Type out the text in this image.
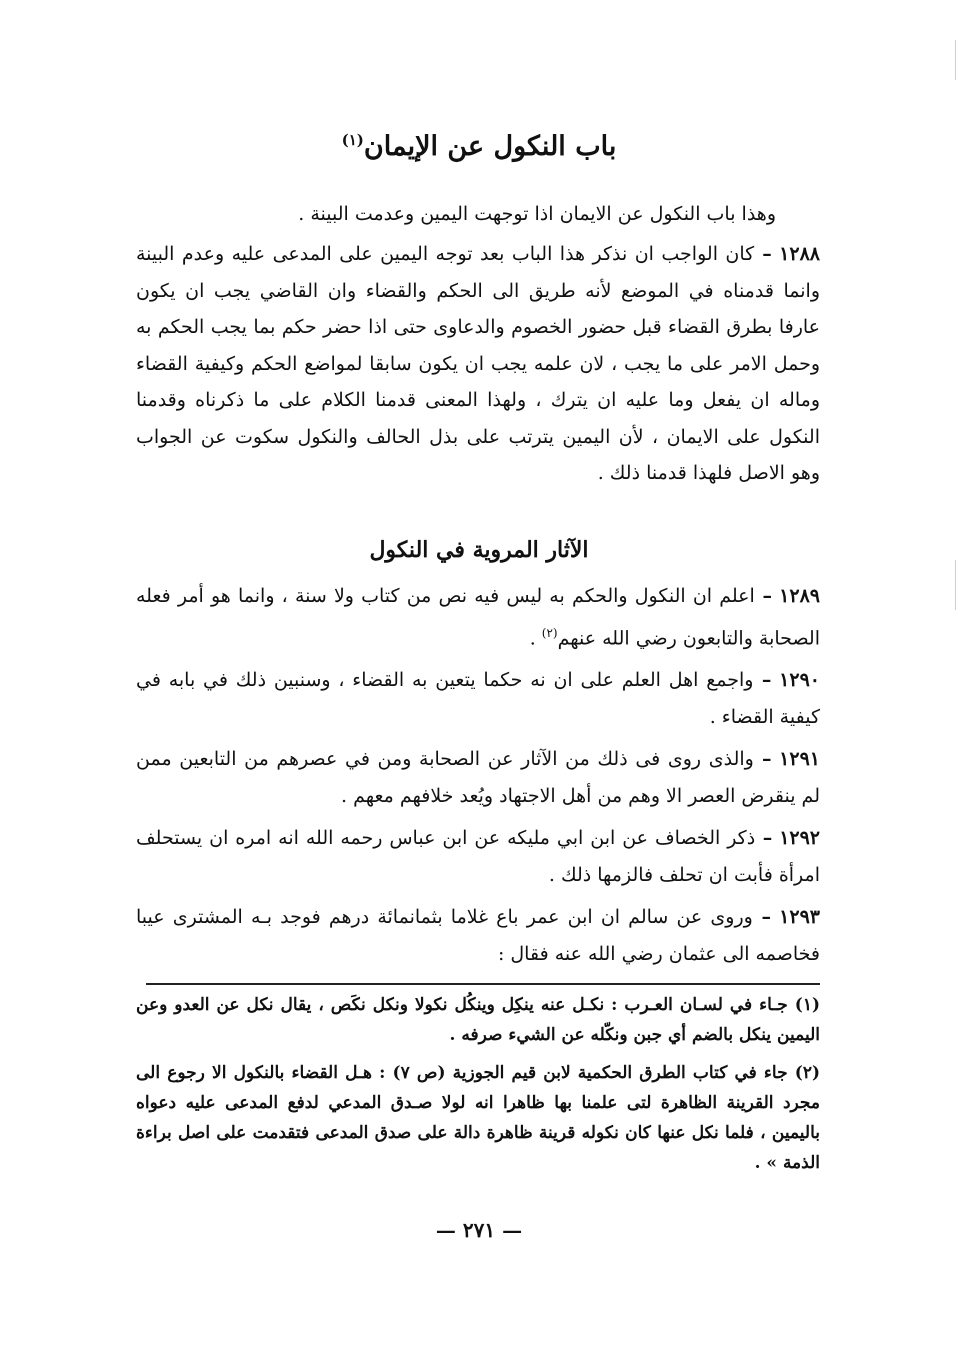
باب النكول عن الإيمان$^{(١)}$

وهذا باب النكول عن الايمان اذا توجهت اليمين وعدمت البينة .

١٢٨٨ – كان الواجب ان نذكر هذا الباب بعد توجه اليمين على المدعى عليه وعدم البينة وانما قدمناه في الموضع لأنه طريق الى الحكم والقضاء وان القاضي يجب ان يكون عارفا بطرق القضاء قبل حضور الخصوم والدعاوى حتى اذا حضر حكم بما يجب الحكم به وحمل الامر على ما يجب ، لان علمه يجب ان يكون سابقا لمواضع الحكم وكيفية القضاء وماله ان يفعل وما عليه ان يترك ، ولهذا المعنى قدمنا الكلام على ما ذكرناه وقدمنا النكول على الايمان ، لأن اليمين يترتب على بذل الحالف والنكول سكوت عن الجواب وهو الاصل فلهذا قدمنا ذلك .

الآثار المروية في النكول

١٢٨٩ – اعلم ان النكول والحكم به ليس فيه نص من كتاب ولا سنة ، وانما هو أمر فعله الصحابة والتابعون رضي الله عنهم$^{(٢)}$ .

١٢٩٠ – واجمع اهل العلم على ان نه حكما يتعين به القضاء ، وسنبين ذلك في بابه في كيفية القضاء .

١٢٩١ – والذى روى فى ذلك من الآثار عن الصحابة ومن في عصرهم من التابعين ممن لم ينقرض العصر الا وهم من أهل الاجتهاد ويُعد خلافهم معهم .

١٢٩٢ – ذكر الخصاف عن ابن ابي مليكه عن ابن عباس رحمه الله انه امره ان يستحلف امرأة فأبت ان تحلف فالزمها ذلك .

١٢٩٣ – وروى عن سالم ان ابن عمر باع غلاما بثمانمائة درهم فوجد بـه المشترى عيبا فخاصمه الى عثمان رضي الله عنه فقال :

(١) جـاء في لسـان العـرب : نكـل عنه ينكِل وينكُل نكولا ونكل نكَص ، يقال نكل عن العدو وعن اليمين ينكل بالضم أي جبن ونكّله عن الشيء صرفه .

(٢) جاء في كتاب الطرق الحكمية لابن قيم الجوزية (ص ٧) : هـل القضاء بالنكول الا رجوع الى مجرد القرينة الظاهرة لتى علمنا بها ظاهرا انه لولا صـدق المدعي لدفع المدعى عليه دعواه باليمين ، فلما نكل عنها كان نكوله قرينة ظاهرة دالة على صدق المدعى فتقدمت على اصل براءة الذمة » .

— ٢٧١ —
